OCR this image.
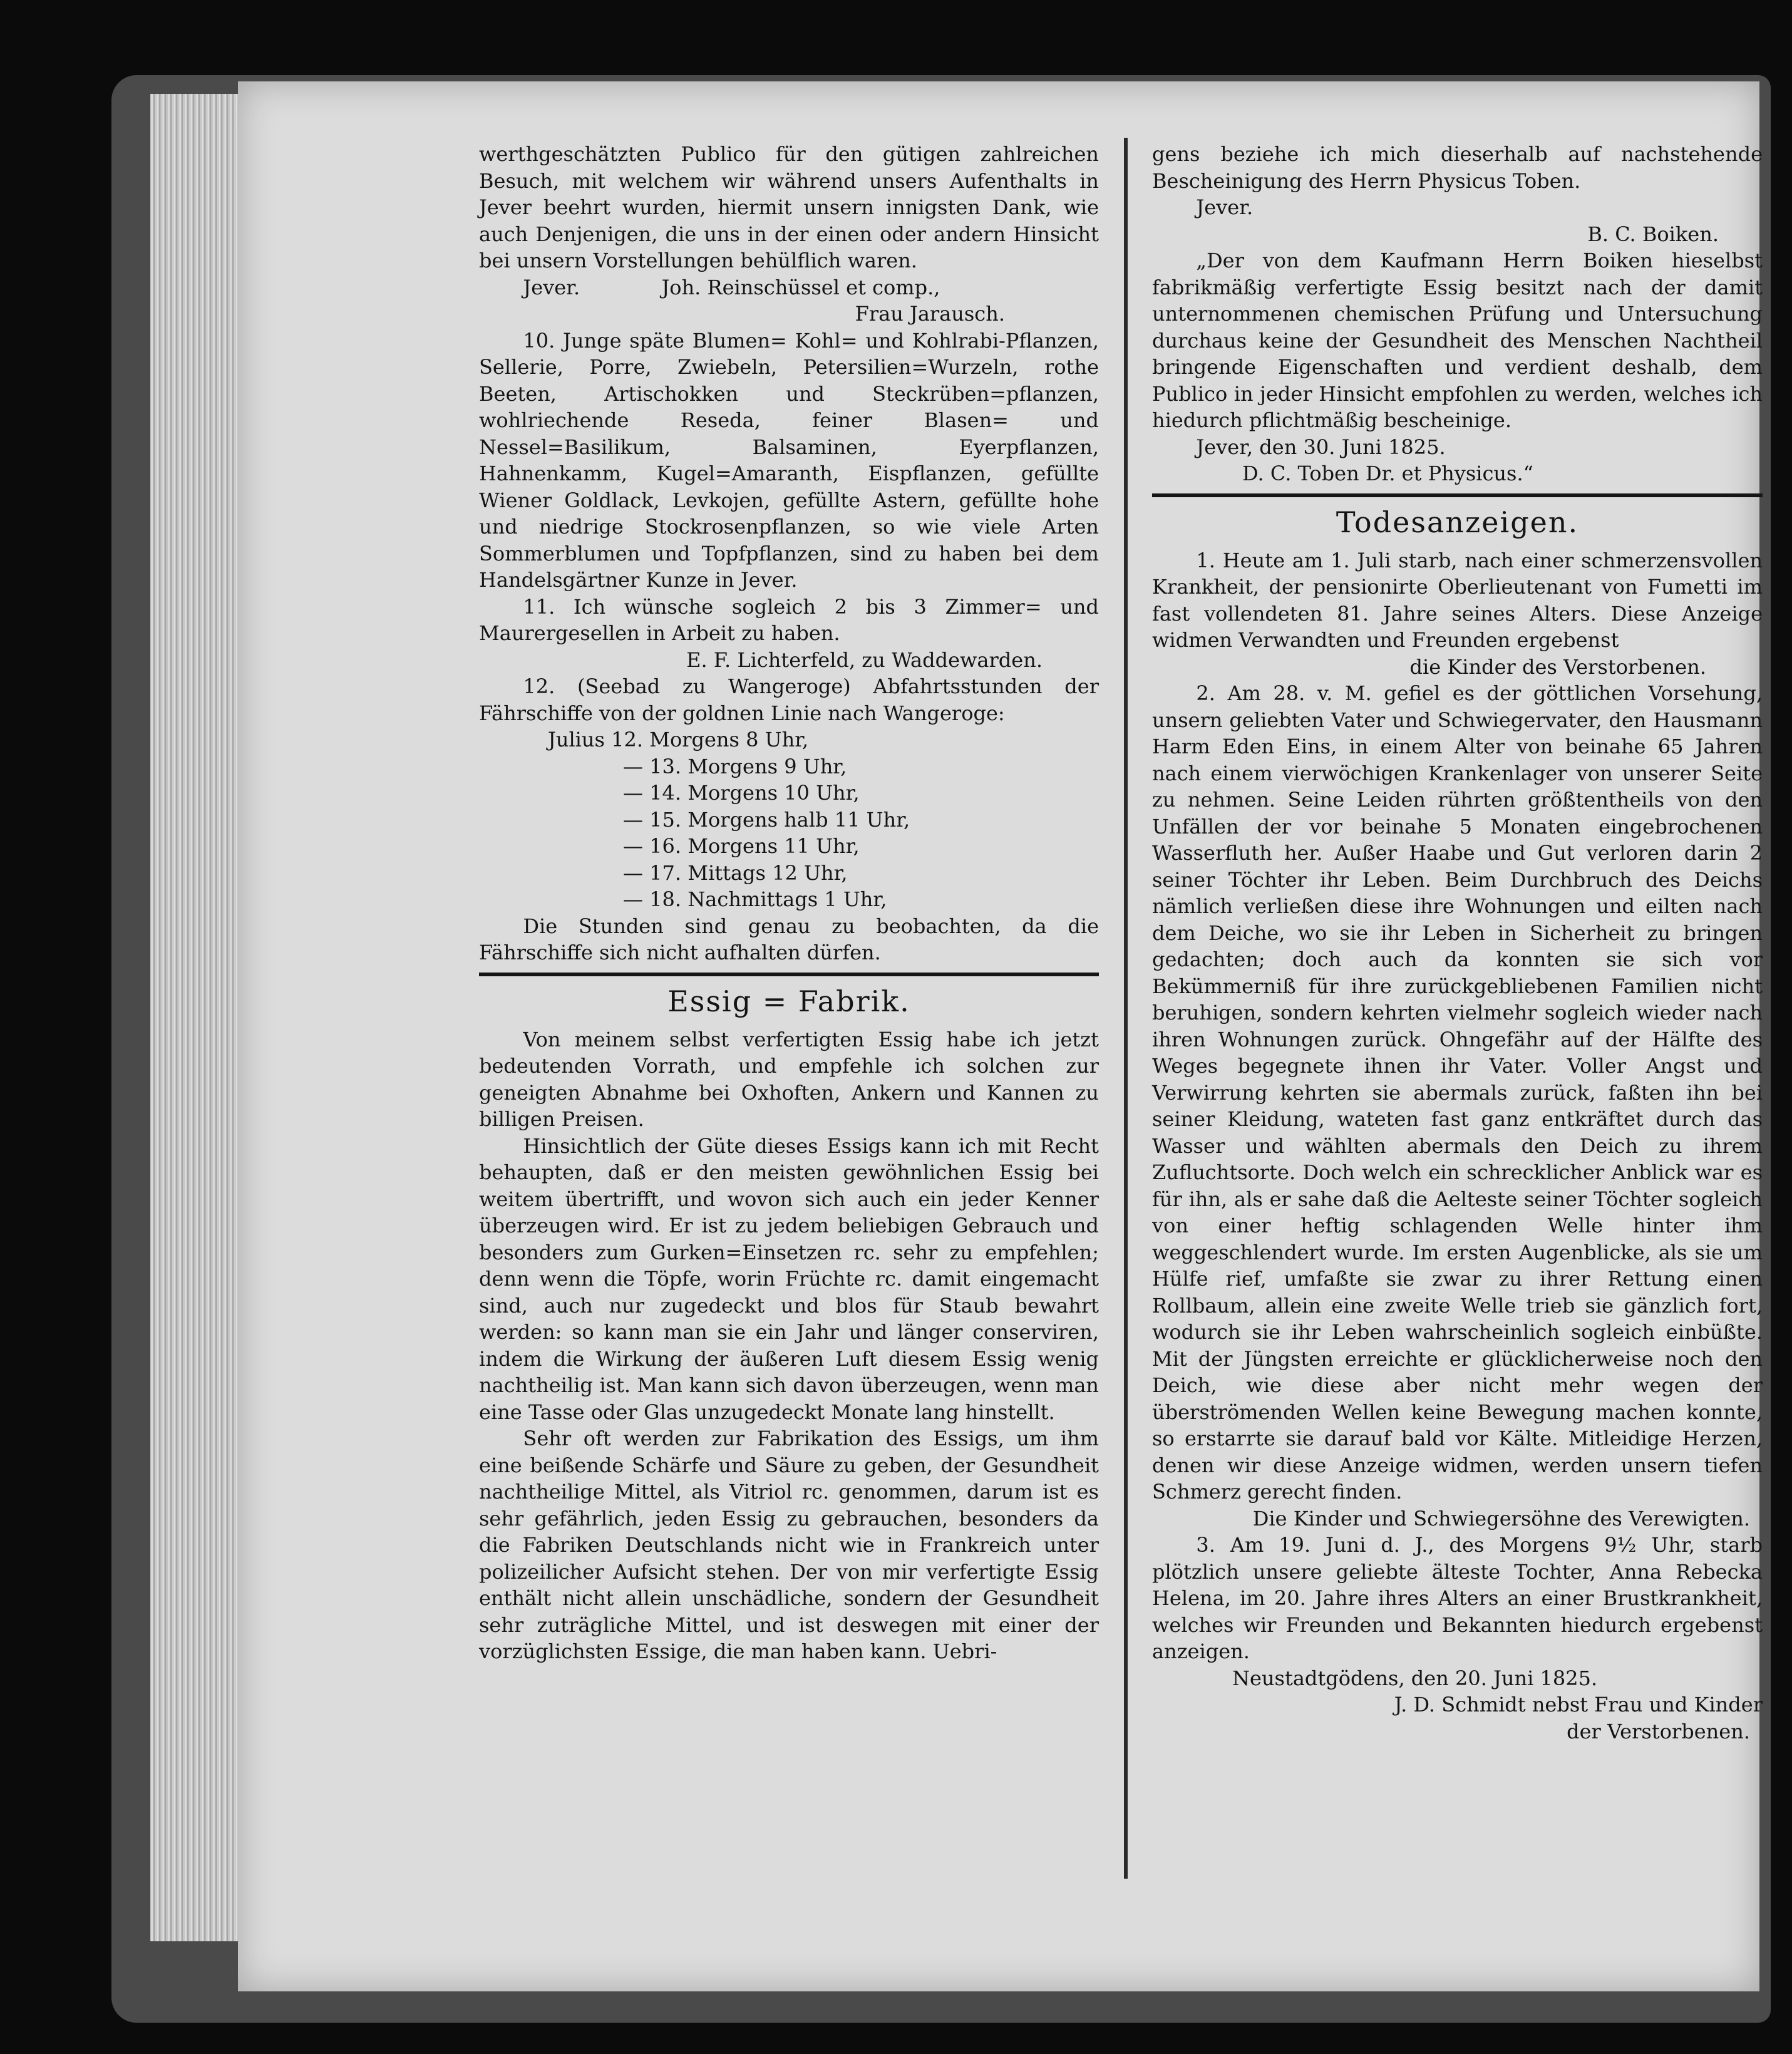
werthgeschätzten Publico für den gütigen zahlreichen Besuch, mit welchem wir während unsers Aufenthalts in Jever beehrt wurden, hiermit unsern innigsten Dank, wie auch Denjenigen, die uns in der einen oder andern Hinsicht bei unsern Vorstellungen behülflich waren.

Jever.	Joh. Reinschüssel et comp.,

Frau Jarausch.

10. Junge späte Blumen= Kohl= und Kohlrabi-Pflanzen, Sellerie, Porre, Zwiebeln, Petersilien=Wurzeln, rothe Beeten, Artischokken und Steckrüben=pflanzen, wohlriechende Reseda, feiner Blasen= und Nessel=Basilikum, Balsaminen, Eyerpflanzen, Hahnenkamm, Kugel=Amaranth, Eispflanzen, gefüllte Wiener Goldlack, Levkojen, gefüllte Astern, gefüllte hohe und niedrige Stockrosenpflanzen, so wie viele Arten Sommerblumen und Topfpflanzen, sind zu haben bei dem Handelsgärtner Kunze in Jever.

11. Ich wünsche sogleich 2 bis 3 Zimmer= und Maurergesellen in Arbeit zu haben.

E. F. Lichterfeld, zu Waddewarden.

12. (Seebad zu Wangeroge) Abfahrtsstunden der Fährschiffe von der goldnen Linie nach Wangeroge:

Julius 12. Morgens 8 Uhr,
— 13. Morgens 9 Uhr,
— 14. Morgens 10 Uhr,
— 15. Morgens halb 11 Uhr,
— 16. Morgens 11 Uhr,
— 17. Mittags 12 Uhr,
— 18. Nachmittags 1 Uhr,

Die Stunden sind genau zu beobachten, da die Fährschiffe sich nicht aufhalten dürfen.

Essig = Fabrik.

Von meinem selbst verfertigten Essig habe ich jetzt bedeutenden Vorrath, und empfehle ich solchen zur geneigten Abnahme bei Oxhoften, Ankern und Kannen zu billigen Preisen.

Hinsichtlich der Güte dieses Essigs kann ich mit Recht behaupten, daß er den meisten gewöhnlichen Essig bei weitem übertrifft, und wovon sich auch ein jeder Kenner überzeugen wird. Er ist zu jedem beliebigen Gebrauch und besonders zum Gurken=Einsetzen rc. sehr zu empfehlen; denn wenn die Töpfe, worin Früchte rc. damit eingemacht sind, auch nur zugedeckt und blos für Staub bewahrt werden: so kann man sie ein Jahr und länger conserviren, indem die Wirkung der äußeren Luft diesem Essig wenig nachtheilig ist. Man kann sich davon überzeugen, wenn man eine Tasse oder Glas unzugedeckt Monate lang hinstellt.

Sehr oft werden zur Fabrikation des Essigs, um ihm eine beißende Schärfe und Säure zu geben, der Gesundheit nachtheilige Mittel, als Vitriol rc. genommen, darum ist es sehr gefährlich, jeden Essig zu gebrauchen, besonders da die Fabriken Deutschlands nicht wie in Frankreich unter polizeilicher Aufsicht stehen. Der von mir verfertigte Essig enthält nicht allein unschädliche, sondern der Gesundheit sehr zuträgliche Mittel, und ist deswegen mit einer der vorzüglichsten Essige, die man haben kann. Uebri-

gens beziehe ich mich dieserhalb auf nachstehende Bescheinigung des Herrn Physicus Toben.

Jever.

B. C. Boiken.

„Der von dem Kaufmann Herrn Boiken hieselbst fabrikmäßig verfertigte Essig besitzt nach der damit unternommenen chemischen Prüfung und Untersuchung durchaus keine der Gesundheit des Menschen Nachtheil bringende Eigenschaften und verdient deshalb, dem Publico in jeder Hinsicht empfohlen zu werden, welches ich hiedurch pflichtmäßig bescheinige.

Jever, den 30. Juni 1825.

D. C. Toben Dr. et Physicus.“

Todesanzeigen.

1. Heute am 1. Juli starb, nach einer schmerzensvollen Krankheit, der pensionirte Oberlieutenant von Fumetti im fast vollendeten 81. Jahre seines Alters. Diese Anzeige widmen Verwandten und Freunden ergebenst

die Kinder des Verstorbenen.

2. Am 28. v. M. gefiel es der göttlichen Vorsehung, unsern geliebten Vater und Schwiegervater, den Hausmann Harm Eden Eins, in einem Alter von beinahe 65 Jahren nach einem vierwöchigen Krankenlager von unserer Seite zu nehmen. Seine Leiden rührten größtentheils von den Unfällen der vor beinahe 5 Monaten eingebrochenen Wasserfluth her. Außer Haabe und Gut verloren darin 2 seiner Töchter ihr Leben. Beim Durchbruch des Deichs nämlich verließen diese ihre Wohnungen und eilten nach dem Deiche, wo sie ihr Leben in Sicherheit zu bringen gedachten; doch auch da konnten sie sich vor Bekümmerniß für ihre zurückgebliebenen Familien nicht beruhigen, sondern kehrten vielmehr sogleich wieder nach ihren Wohnungen zurück. Ohngefähr auf der Hälfte des Weges begegnete ihnen ihr Vater. Voller Angst und Verwirrung kehrten sie abermals zurück, faßten ihn bei seiner Kleidung, wateten fast ganz entkräftet durch das Wasser und wählten abermals den Deich zu ihrem Zufluchtsorte. Doch welch ein schrecklicher Anblick war es für ihn, als er sahe daß die Aelteste seiner Töchter sogleich von einer heftig schlagenden Welle hinter ihm weggeschlendert wurde. Im ersten Augenblicke, als sie um Hülfe rief, umfaßte sie zwar zu ihrer Rettung einen Rollbaum, allein eine zweite Welle trieb sie gänzlich fort, wodurch sie ihr Leben wahrscheinlich sogleich einbüßte. Mit der Jüngsten erreichte er glücklicherweise noch den Deich, wie diese aber nicht mehr wegen der überströmenden Wellen keine Bewegung machen konnte, so erstarrte sie darauf bald vor Kälte. Mitleidige Herzen, denen wir diese Anzeige widmen, werden unsern tiefen Schmerz gerecht finden.

Die Kinder und Schwiegersöhne des Verewigten.

3. Am 19. Juni d. J., des Morgens 9½ Uhr, starb plötzlich unsere geliebte älteste Tochter, Anna Rebecka Helena, im 20. Jahre ihres Alters an einer Brustkrankheit, welches wir Freunden und Bekannten hiedurch ergebenst anzeigen.

Neustadtgödens, den 20. Juni 1825.

J. D. Schmidt nebst Frau und Kinder

der Verstorbenen.
